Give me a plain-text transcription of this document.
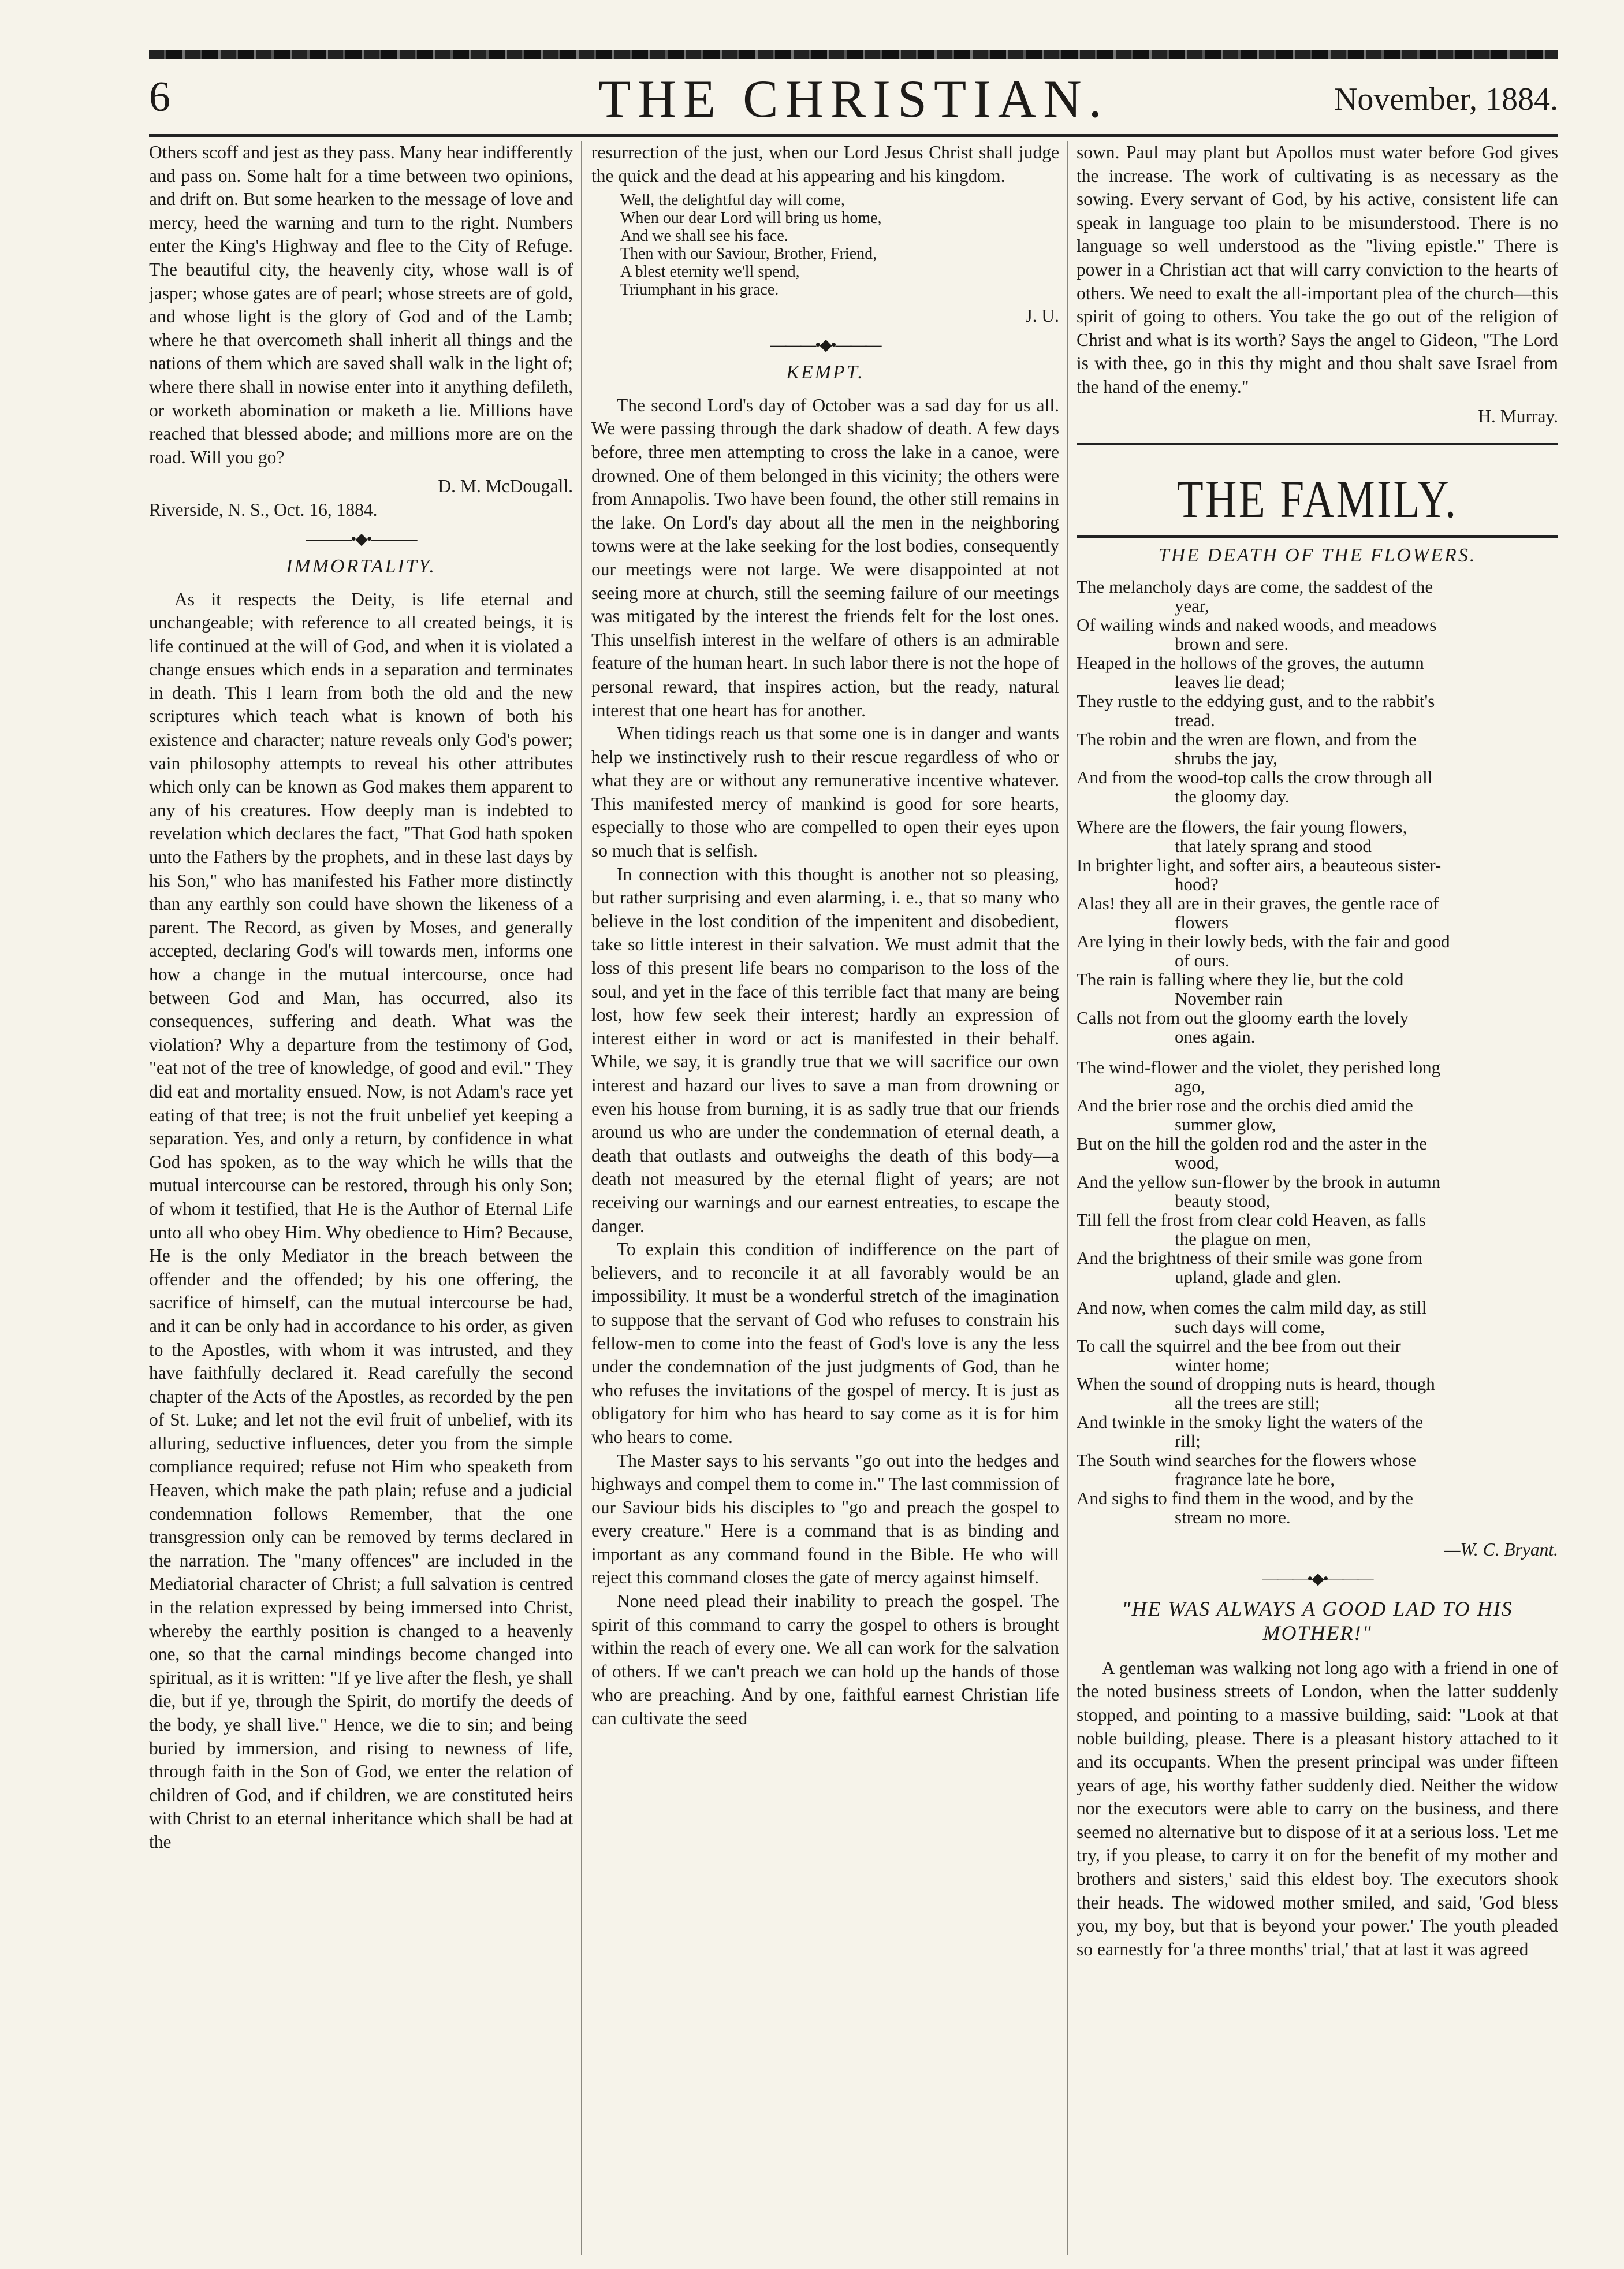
6	THE CHRISTIAN.	November, 1884.

Others scoff and jest as they pass. Many hear indifferently and pass on. Some halt for a time between two opinions, and drift on. But some hearken to the message of love and mercy, heed the warning and turn to the right. Numbers enter the King's Highway and flee to the City of Refuge. The beautiful city, the heavenly city, whose wall is of jasper; whose gates are of pearl; whose streets are of gold, and whose light is the glory of God and of the Lamb; where he that overcometh shall inherit all things and the nations of them which are saved shall walk in the light of; where there shall in nowise enter into it anything defileth, or worketh abomination or maketh a lie. Millions have reached that blessed abode; and millions more are on the road. Will you go?

D. M. McDougall.

Riverside, N. S., Oct. 16, 1884.

———•◆•———
IMMORTALITY.

As it respects the Deity, is life eternal and unchangeable; with reference to all created beings, it is life continued at the will of God, and when it is violated a change ensues which ends in a separation and terminates in death. This I learn from both the old and the new scriptures which teach what is known of both his existence and character; nature reveals only God's power; vain philosophy attempts to reveal his other attributes which only can be known as God makes them apparent to any of his creatures. How deeply man is indebted to revelation which declares the fact, "That God hath spoken unto the Fathers by the prophets, and in these last days by his Son," who has manifested his Father more distinctly than any earthly son could have shown the likeness of a parent. The Record, as given by Moses, and generally accepted, declaring God's will towards men, informs one how a change in the mutual intercourse, once had between God and Man, has occurred, also its consequences, suffering and death. What was the violation? Why a departure from the testimony of God, "eat not of the tree of knowledge, of good and evil." They did eat and mortality ensued. Now, is not Adam's race yet eating of that tree; is not the fruit unbelief yet keeping a separation. Yes, and only a return, by confidence in what God has spoken, as to the way which he wills that the mutual intercourse can be restored, through his only Son; of whom it testified, that He is the Author of Eternal Life unto all who obey Him. Why obedience to Him? Because, He is the only Mediator in the breach between the offender and the offended; by his one offering, the sacrifice of himself, can the mutual intercourse be had, and it can be only had in accordance to his order, as given to the Apostles, with whom it was intrusted, and they have faithfully declared it. Read carefully the second chapter of the Acts of the Apostles, as recorded by the pen of St. Luke; and let not the evil fruit of unbelief, with its alluring, seductive influences, deter you from the simple compliance required; refuse not Him who speaketh from Heaven, which make the path plain; refuse and a judicial condemnation follows Remember, that the one transgression only can be removed by terms declared in the narration. The "many offences" are included in the Mediatorial character of Christ; a full salvation is centred in the relation expressed by being immersed into Christ, whereby the earthly position is changed to a heavenly one, so that the carnal mindings become changed into spiritual, as it is written: "If ye live after the flesh, ye shall die, but if ye, through the Spirit, do mortify the deeds of the body, ye shall live." Hence, we die to sin; and being buried by immersion, and rising to newness of life, through faith in the Son of God, we enter the relation of children of God, and if children, we are constituted heirs with Christ to an eternal inheritance which shall be had at the

resurrection of the just, when our Lord Jesus Christ shall judge the quick and the dead at his appearing and his kingdom.

Well, the delightful day will come,
When our dear Lord will bring us home,
And we shall see his face.
Then with our Saviour, Brother, Friend,
A blest eternity we'll spend,
Triumphant in his grace.

J. U.

———•◆•———
KEMPT.

The second Lord's day of October was a sad day for us all. We were passing through the dark shadow of death. A few days before, three men attempting to cross the lake in a canoe, were drowned. One of them belonged in this vicinity; the others were from Annapolis. Two have been found, the other still remains in the lake. On Lord's day about all the men in the neighboring towns were at the lake seeking for the lost bodies, consequently our meetings were not large. We were disappointed at not seeing more at church, still the seeming failure of our meetings was mitigated by the interest the friends felt for the lost ones. This unselfish interest in the welfare of others is an admirable feature of the human heart. In such labor there is not the hope of personal reward, that inspires action, but the ready, natural interest that one heart has for another.

When tidings reach us that some one is in danger and wants help we instinctively rush to their rescue regardless of who or what they are or without any remunerative incentive whatever. This manifested mercy of mankind is good for sore hearts, especially to those who are compelled to open their eyes upon so much that is selfish.

In connection with this thought is another not so pleasing, but rather surprising and even alarming, i. e., that so many who believe in the lost condition of the impenitent and disobedient, take so little interest in their salvation. We must admit that the loss of this present life bears no comparison to the loss of the soul, and yet in the face of this terrible fact that many are being lost, how few seek their interest; hardly an expression of interest either in word or act is manifested in their behalf. While, we say, it is grandly true that we will sacrifice our own interest and hazard our lives to save a man from drowning or even his house from burning, it is as sadly true that our friends around us who are under the condemnation of eternal death, a death that outlasts and outweighs the death of this body—a death not measured by the eternal flight of years; are not receiving our warnings and our earnest entreaties, to escape the danger.

To explain this condition of indifference on the part of believers, and to reconcile it at all favorably would be an impossibility. It must be a wonderful stretch of the imagination to suppose that the servant of God who refuses to constrain his fellow-men to come into the feast of God's love is any the less under the condemnation of the just judgments of God, than he who refuses the invitations of the gospel of mercy. It is just as obligatory for him who has heard to say come as it is for him who hears to come.

The Master says to his servants "go out into the hedges and highways and compel them to come in." The last commission of our Saviour bids his disciples to "go and preach the gospel to every creature." Here is a command that is as binding and important as any command found in the Bible. He who will reject this command closes the gate of mercy against himself.

None need plead their inability to preach the gospel. The spirit of this command to carry the gospel to others is brought within the reach of every one. We all can work for the salvation of others. If we can't preach we can hold up the hands of those who are preaching. And by one, faithful earnest Christian life can cultivate the seed

sown. Paul may plant but Apollos must water before God gives the increase. The work of cultivating is as necessary as the sowing. Every servant of God, by his active, consistent life can speak in language too plain to be misunderstood. There is no language so well understood as the "living epistle." There is power in a Christian act that will carry conviction to the hearts of others. We need to exalt the all-important plea of the church—this spirit of going to others. You take the go out of the religion of Christ and what is its worth? Says the angel to Gideon, "The Lord is with thee, go in this thy might and thou shalt save Israel from the hand of the enemy."

H. Murray.

THE FAMILY.
THE DEATH OF THE FLOWERS.
The melancholy days are come, the saddest of the
year,
Of wailing winds and naked woods, and meadows
brown and sere.
Heaped in the hollows of the groves, the autumn
leaves lie dead;
They rustle to the eddying gust, and to the rabbit's
tread.
The robin and the wren are flown, and from the
shrubs the jay,
And from the wood-top calls the crow through all
the gloomy day.
Where are the flowers, the fair young flowers,
that lately sprang and stood
In brighter light, and softer airs, a beauteous sister-
hood?
Alas! they all are in their graves, the gentle race of
flowers
Are lying in their lowly beds, with the fair and good
of ours.
The rain is falling where they lie, but the cold
November rain
Calls not from out the gloomy earth the lovely
ones again.
The wind-flower and the violet, they perished long
ago,
And the brier rose and the orchis died amid the
summer glow,
But on the hill the golden rod and the aster in the
wood,
And the yellow sun-flower by the brook in autumn
beauty stood,
Till fell the frost from clear cold Heaven, as falls
the plague on men,
And the brightness of their smile was gone from
upland, glade and glen.
And now, when comes the calm mild day, as still
such days will come,
To call the squirrel and the bee from out their
winter home;
When the sound of dropping nuts is heard, though
all the trees are still;
And twinkle in the smoky light the waters of the
rill;
The South wind searches for the flowers whose
fragrance late he bore,
And sighs to find them in the wood, and by the
stream no more.

—W. C. Bryant.

———•◆•———
"HE WAS ALWAYS A GOOD LAD TO HIS MOTHER!"

A gentleman was walking not long ago with a friend in one of the noted business streets of London, when the latter suddenly stopped, and pointing to a massive building, said: "Look at that noble building, please. There is a pleasant history attached to it and its occupants. When the present principal was under fifteen years of age, his worthy father suddenly died. Neither the widow nor the executors were able to carry on the business, and there seemed no alternative but to dispose of it at a serious loss. 'Let me try, if you please, to carry it on for the benefit of my mother and brothers and sisters,' said this eldest boy. The executors shook their heads. The widowed mother smiled, and said, 'God bless you, my boy, but that is beyond your power.' The youth pleaded so earnestly for 'a three months' trial,' that at last it was agreed
